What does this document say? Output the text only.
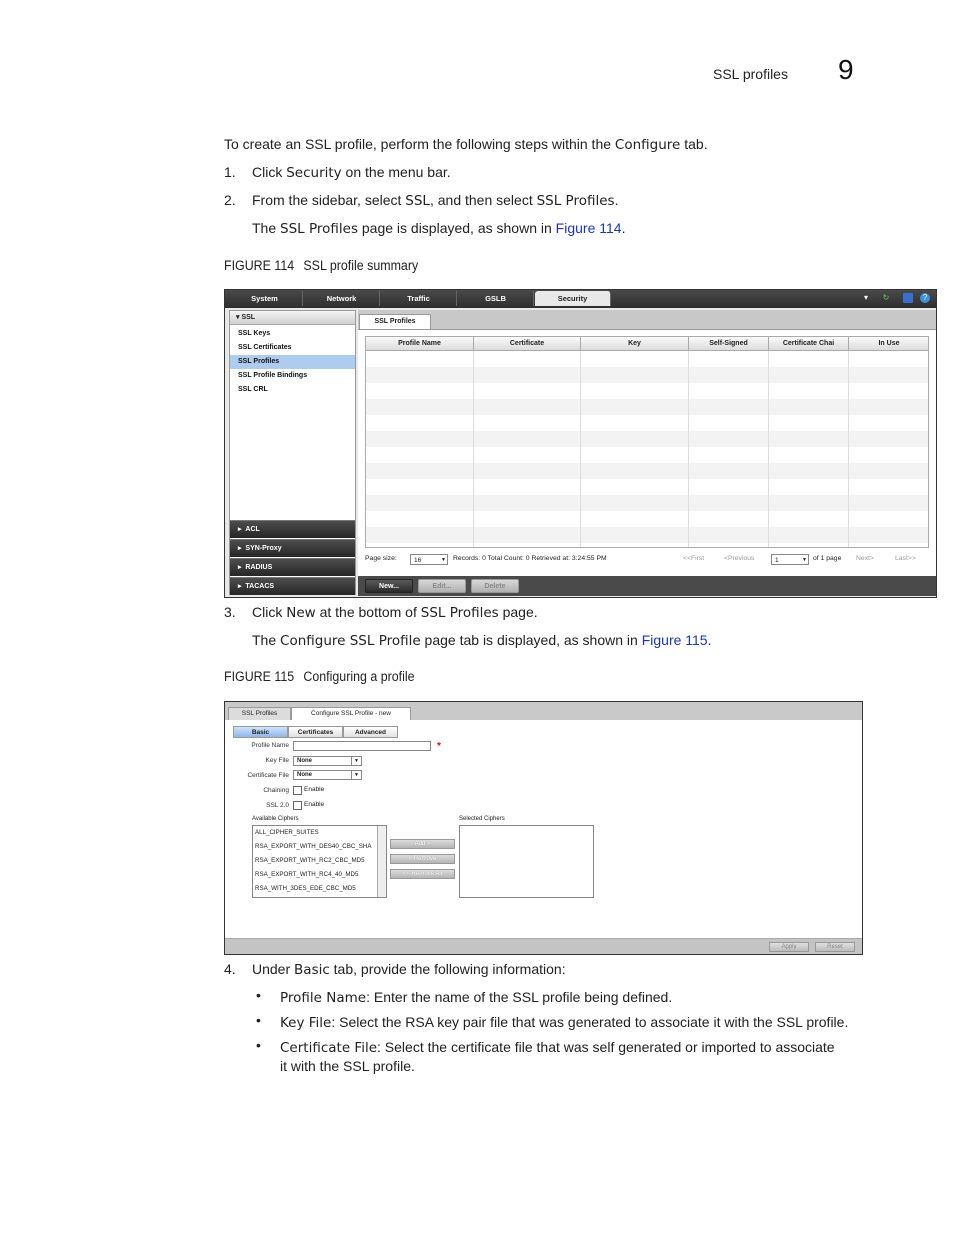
SSL profiles 9
To create an SSL profile, perform the following steps within the Configure tab.
1. Click Security on the menu bar.
2. From the sidebar, select SSL, and then select SSL Profiles.
The SSL Profiles page is displayed, as shown in Figure 114.
FIGURE 114 SSL profile summary
System	Network	Traffic	GSLB	Security	▾	↻	?
▾ SSL
SSL Keys
SSL Certificates
SSL Profiles
SSL Profile Bindings
SSL CRL
▸  ACL
▸  SYN-Proxy
▸  RADIUS
▸  TACACS
SSL Profiles
Profile Name	Certificate	Key	Self-Signed	Certificate Chai	In Use
Page size:	16	▼ Records: 0 Total Count: 0 Retrieved at: 3:24:55 PM	<<First	<Previous	1	▼ of 1 page Next>	Last>>
New...	Edit...	Delete
3. Click New at the bottom of SSL Profiles page.
The Configure SSL Profile page tab is displayed, as shown in Figure 115.
FIGURE 115 Configuring a profile
SSL Profiles	Configure SSL Profile - new
Basic	Certificates	Advanced
Profile Name	*
Key File	None	▼
Certificate File	None	▼
Chaining Enable
SSL 2.0 Enable
Available Ciphers	Selected Ciphers
ALL_CIPHER_SUITES
RSA_EXPORT_WITH_DES40_CBC_SHA
RSA_EXPORT_WITH_RC2_CBC_MD5
RSA_EXPORT_WITH_RC4_40_MD5
RSA_WITH_3DES_EDE_CBC_MD5
Add >
< Remove
<< Remove All
Apply	Reset
4. Under Basic tab, provide the following information:
• Profile Name: Enter the name of the SSL profile being defined.
• Key File: Select the RSA key pair file that was generated to associate it with the SSL profile.
• Certificate File: Select the certificate file that was self generated or imported to associate
it with the SSL profile.
